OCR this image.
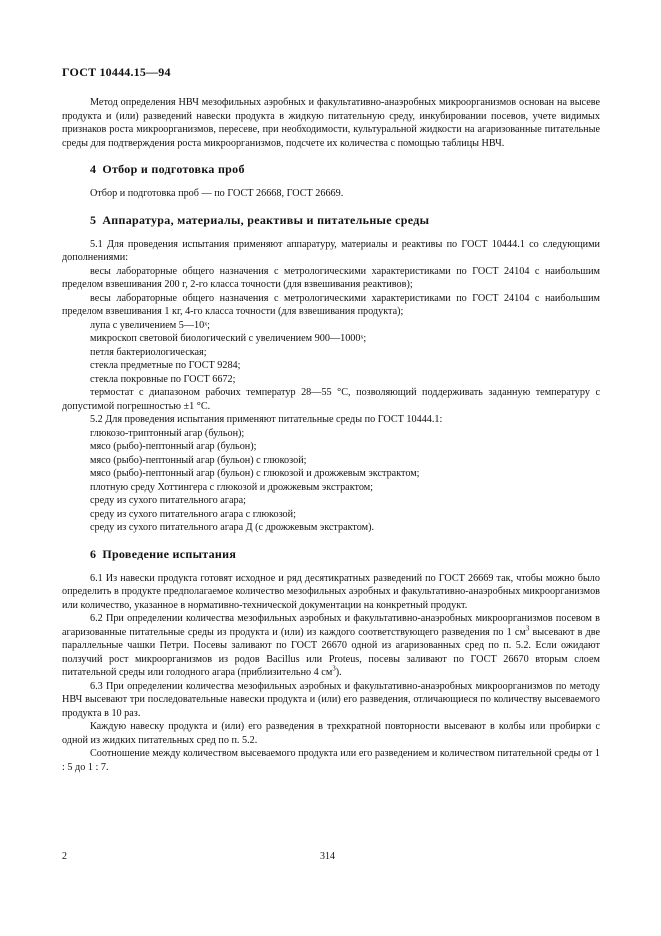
ГОСТ 10444.15—94

Метод определения НВЧ мезофильных аэробных и факультативно-анаэробных микроорганизмов основан на высеве продукта и (или) разведений навески продукта в жидкую питательную среду, инкубировании посевов, учете видимых признаков роста микроорганизмов, пересеве, при необходимости, культуральной жидкости на агаризованные питательные среды для подтверждения роста микроорганизмов, подсчете их количества с помощью таблицы НВЧ.

4 Отбор и подготовка проб

Отбор и подготовка проб — по ГОСТ 26668, ГОСТ 26669.

5 Аппаратура, материалы, реактивы и питательные среды

5.1 Для проведения испытания применяют аппаратуру, материалы и реактивы по ГОСТ 10444.1 со следующими дополнениями:

весы лабораторные общего назначения с метрологическими характеристиками по ГОСТ 24104 с наибольшим пределом взвешивания 200 г, 2-го класса точности (для взвешивания реактивов);
весы лабораторные общего назначения с метрологическими характеристиками по ГОСТ 24104 с наибольшим пределом взвешивания 1 кг, 4-го класса точности (для взвешивания продукта);
лупа с увеличением 5—10ˣ;
микроскоп световой биологический с увеличением 900—1000ˣ;
петля бактериологическая;
стекла предметные по ГОСТ 9284;
стекла покровные по ГОСТ 6672;
термостат с диапазоном рабочих температур 28—55 °С, позволяющий поддерживать заданную температуру с допустимой погрешностью ±1 °С.

5.2 Для проведения испытания применяют питательные среды по ГОСТ 10444.1:

глюкозо-триптонный агар (бульон);
мясо (рыбо)-пептонный агар (бульон);
мясо (рыбо)-пептонный агар (бульон) с глюкозой;
мясо (рыбо)-пептонный агар (бульон) с глюкозой и дрожжевым экстрактом;
плотную среду Хоттингера с глюкозой и дрожжевым экстрактом;
среду из сухого питательного агара;
среду из сухого питательного агара с глюкозой;
среду из сухого питательного агара Д (с дрожжевым экстрактом).
6 Проведение испытания

6.1 Из навески продукта готовят исходное и ряд десятикратных разведений по ГОСТ 26669 так, чтобы можно было определить в продукте предполагаемое количество мезофильных аэробных и факультативно-анаэробных микроорганизмов или количество, указанное в нормативно-технической документации на конкретный продукт.

6.2 При определении количества мезофильных аэробных и факультативно-анаэробных микроорганизмов посевом в агаризованные питательные среды из продукта и (или) из каждого соответствующего разведения по 1 $см^3$ высевают в две параллельные чашки Петри. Посевы заливают по ГОСТ 26670 одной из агаризованных сред по п. 5.2. Если ожидают ползучий рост микроорганизмов из родов Bacillus или Proteus, посевы заливают по ГОСТ 26670 вторым слоем питательной среды или голодного агара (приблизительно 4 $см^3$).

6.3 При определении количества мезофильных аэробных и факультативно-анаэробных микроорганизмов по методу НВЧ высевают три последовательные навески продукта и (или) его разведения, отличающиеся по количеству высеваемого продукта в 10 раз.

Каждую навеску продукта и (или) его разведения в трехкратной повторности высевают в колбы или пробирки с одной из жидких питательных сред по п. 5.2.

Соотношение между количеством высеваемого продукта или его разведением и количеством питательной среды от 1 : 5 до 1 : 7.

2	314
